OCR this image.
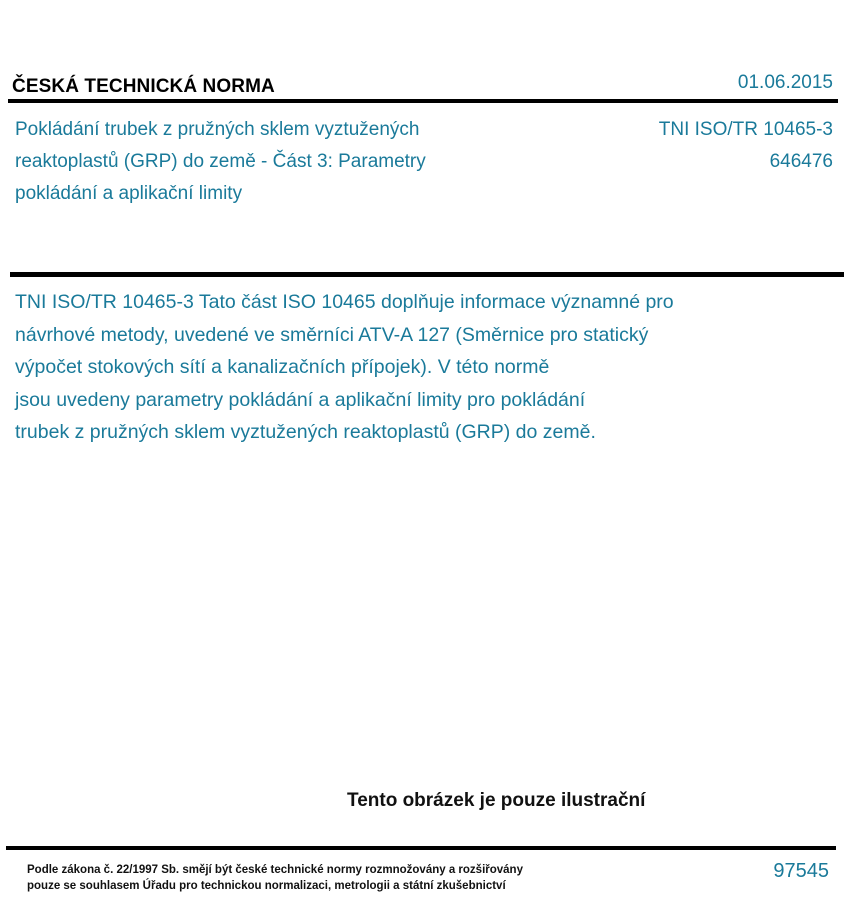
ČESKÁ TECHNICKÁ NORMA	01.06.2015
Pokládání trubek z pružných sklem vyztužených
reaktoplastů (GRP) do země - Část 3: Parametry
pokládání a aplikační limity
TNI ISO/TR 10465-3
646476
TNI ISO/TR 10465-3 Tato část ISO 10465 doplňuje informace významné pro
návrhové metody, uvedené ve směrníci ATV-A 127 (Směrnice pro statický
výpočet stokových sítí a kanalizačních přípojek). V této normě
jsou uvedeny parametry pokládání a aplikační limity pro pokládání
trubek z pružných sklem vyztužených reaktoplastů (GRP) do země.
Tento obrázek je pouze ilustrační
Podle zákona č. 22/1997 Sb. smějí být české technické normy rozmnožovány a rozšiřovány
pouze se souhlasem Úřadu pro technickou normalizaci, metrologii a státní zkušebnictví
97545
